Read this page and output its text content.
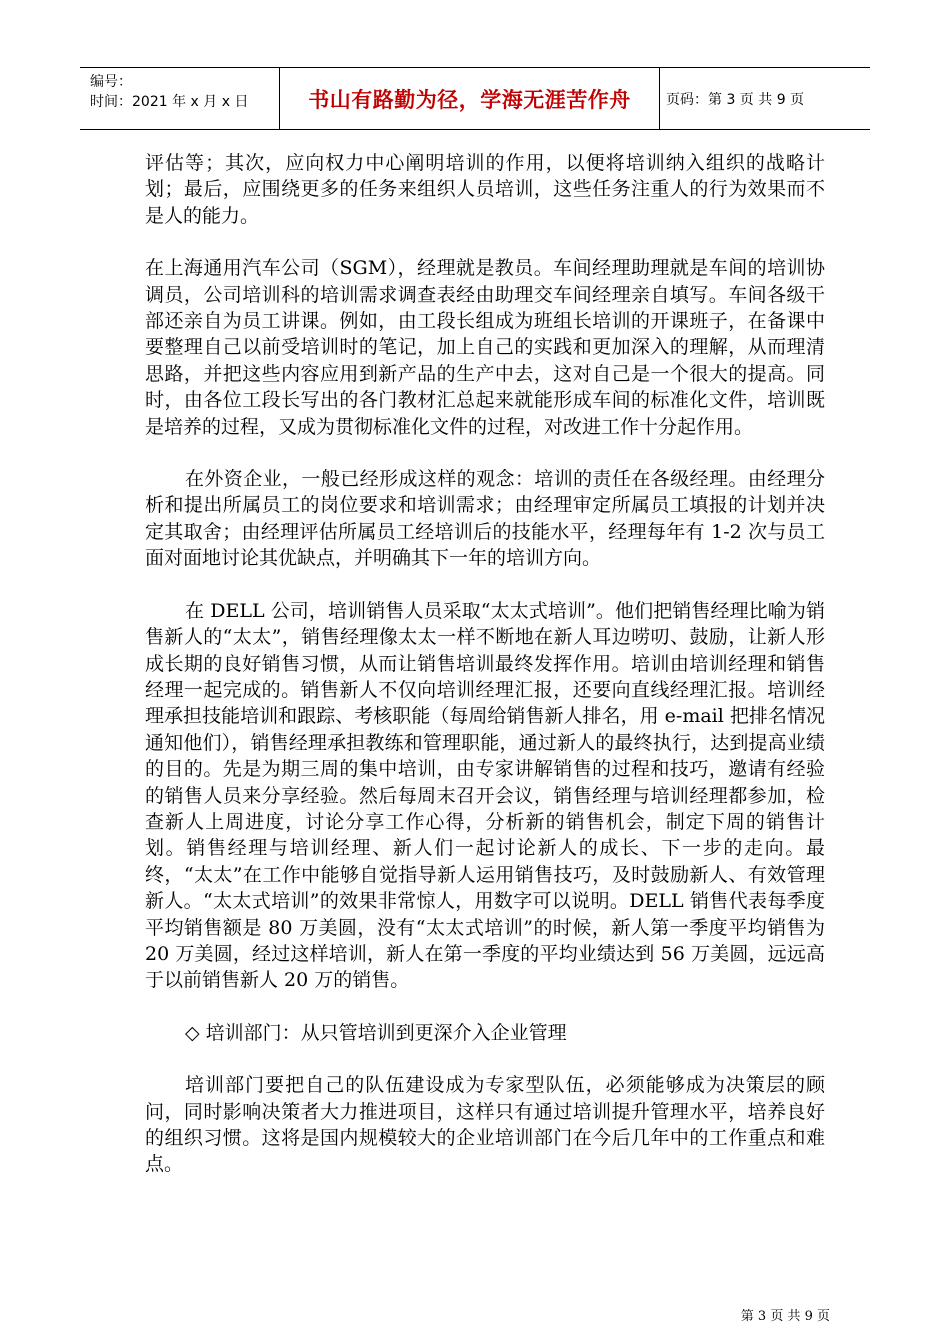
编号：
时间：2021 年 x 月 x 日	书山有路勤为径，学海无涯苦作舟	页码：第 3 页 共 9 页

评估等；其次，应向权力中心阐明培训的作用，以便将培训纳入组织的战略计划；最后，应围绕更多的任务来组织人员培训，这些任务注重人的行为效果而不是人的能力。

在上海通用汽车公司（SGM），经理就是教员。车间经理助理就是车间的培训协调员，公司培训科的培训需求调查表经由助理交车间经理亲自填写。车间各级干部还亲自为员工讲课。例如，由工段长组成为班组长培训的开课班子，在备课中要整理自己以前受培训时的笔记，加上自己的实践和更加深入的理解，从而理清思路，并把这些内容应用到新产品的生产中去，这对自己是一个很大的提高。同时，由各位工段长写出的各门教材汇总起来就能形成车间的标准化文件，培训既是培养的过程，又成为贯彻标准化文件的过程，对改进工作十分起作用。

在外资企业，一般已经形成这样的观念：培训的责任在各级经理。由经理分析和提出所属员工的岗位要求和培训需求；由经理审定所属员工填报的计划并决定其取舍；由经理评估所属员工经培训后的技能水平，经理每年有 1-2 次与员工面对面地讨论其优缺点，并明确其下一年的培训方向。

在 DELL 公司，培训销售人员采取“太太式培训”。他们把销售经理比喻为销售新人的“太太”，销售经理像太太一样不断地在新人耳边唠叨、鼓励，让新人形成长期的良好销售习惯，从而让销售培训最终发挥作用。培训由培训经理和销售经理一起完成的。销售新人不仅向培训经理汇报，还要向直线经理汇报。培训经理承担技能培训和跟踪、考核职能（每周给销售新人排名，用 e-mail 把排名情况通知他们），销售经理承担教练和管理职能，通过新人的最终执行，达到提高业绩的目的。先是为期三周的集中培训，由专家讲解销售的过程和技巧，邀请有经验的销售人员来分享经验。然后每周末召开会议，销售经理与培训经理都参加，检查新人上周进度，讨论分享工作心得，分析新的销售机会，制定下周的销售计划。销售经理与培训经理、新人们一起讨论新人的成长、下一步的走向。最终，“太太”在工作中能够自觉指导新人运用销售技巧，及时鼓励新人、有效管理新人。“太太式培训”的效果非常惊人，用数字可以说明。DELL 销售代表每季度平均销售额是 80 万美圆，没有“太太式培训”的时候，新人第一季度平均销售为 20 万美圆，经过这样培训，新人在第一季度的平均业绩达到 56 万美圆，远远高于以前销售新人 20 万的销售。

◇ 培训部门：从只管培训到更深介入企业管理

培训部门要把自己的队伍建设成为专家型队伍，必须能够成为决策层的顾问，同时影响决策者大力推进项目，这样只有通过培训提升管理水平，培养良好的组织习惯。这将是国内规模较大的企业培训部门在今后几年中的工作重点和难点。

第 3 页 共 9 页
